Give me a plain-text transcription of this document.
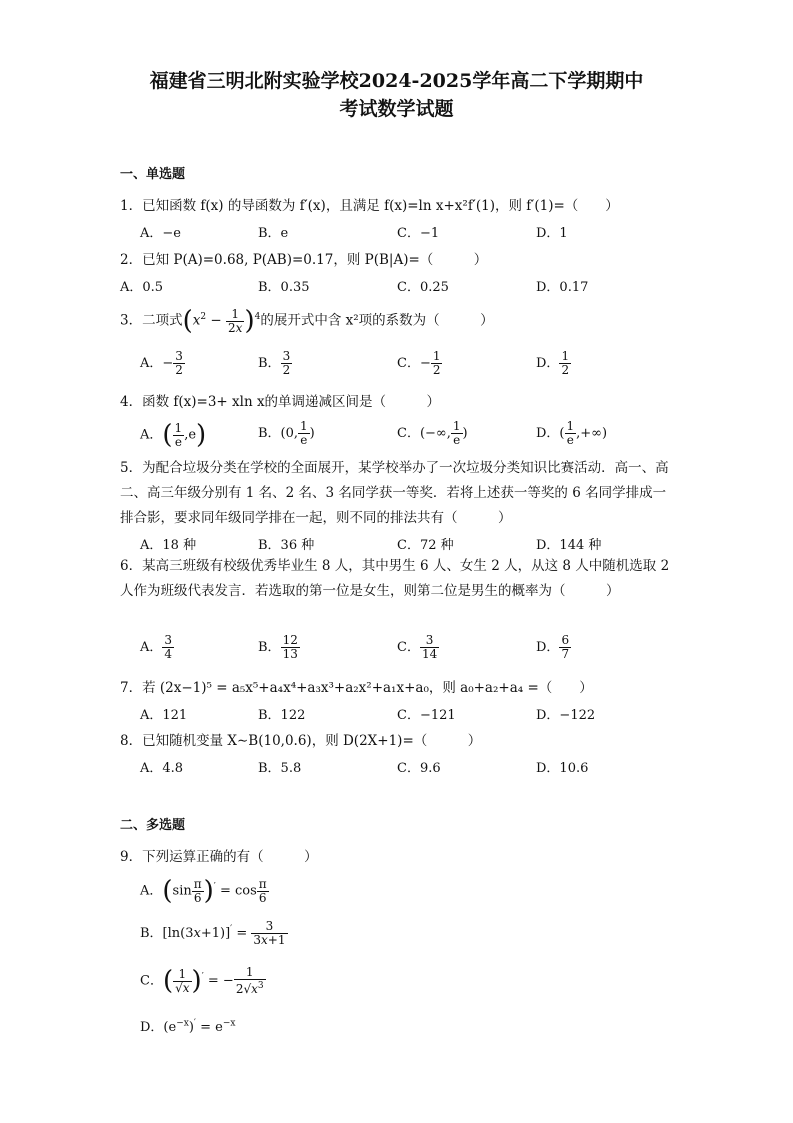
福建省三明北附实验学校2024-2025学年高二下学期期中
考试数学试题
一、单选题
1．已知函数 f(x) 的导函数为 f′(x)，且满足 f(x)=ln x+x²f′(1)，则 f′(1)=（　　）
A．−e	B．e	C．−1	D．1
2．已知 P(A)=0.68, P(AB)=0.17，则 P(B|A)=（　　　）
A．0.5	B．0.35	C．0.25	D．0.17
3．二项式$(x^2 - \frac{1}{2x} )^4$的展开式中含 x²项的系数为（　　　）
A．− $\frac{3}{2}$	B． $\frac{3}{2}$	C．− $\frac{1}{2}$	D． $\frac{1}{2}$
4．函数 f(x)=3+ xln x的单调递减区间是（　　　）
A．( $\frac{1}{e} ,e$)	B．(0, $\frac{1}{e}$ )	C．(−∞, $\frac{1}{e}$ )	D．( $\frac{1}{e}$ ,+∞)
5．为配合垃圾分类在学校的全面展开，某学校举办了一次垃圾分类知识比赛活动．高一、高二、高三年级分别有 1 名、2 名、3 名同学获一等奖．若将上述获一等奖的 6 名同学排成一排合影，要求同年级同学排在一起，则不同的排法共有（　　　）
A．18 种	B．36 种	C．72 种	D．144 种
6．某高三班级有校级优秀毕业生 8 人，其中男生 6 人、女生 2 人，从这 8 人中随机选取 2 人作为班级代表发言．若选取的第一位是女生，则第二位是男生的概率为（　　　）
A． $\frac{3}{4}$	B． $\frac{12}{13}$	C． $\frac{3}{14}$	D． $\frac{6}{7}$
7．若 (2x−1)⁵ = a₅x⁵+a₄x⁴+a₃x³+a₂x²+a₁x+a₀，则 a₀+a₂+a₄ =（　　）
A．121	B．122	C．−121	D．−122
8．已知随机变量 X∼B(10,0.6)，则 D(2X+1)=（　　　）
A．4.8	B．5.8	C．9.6	D．10.6
二、多选题
9．下列运算正确的有（　　　）
A．$(\sin \frac{\pi}{6} )' = \cos \frac{\pi}{6}$
B．$[\ln(3x+1)]' = \frac{3}{3x+1}$
C．( $\frac{1}{√x} )'$ = − $\frac{1}{2√x^3}$
D．$(e^{-x})' = e^{-x}$
